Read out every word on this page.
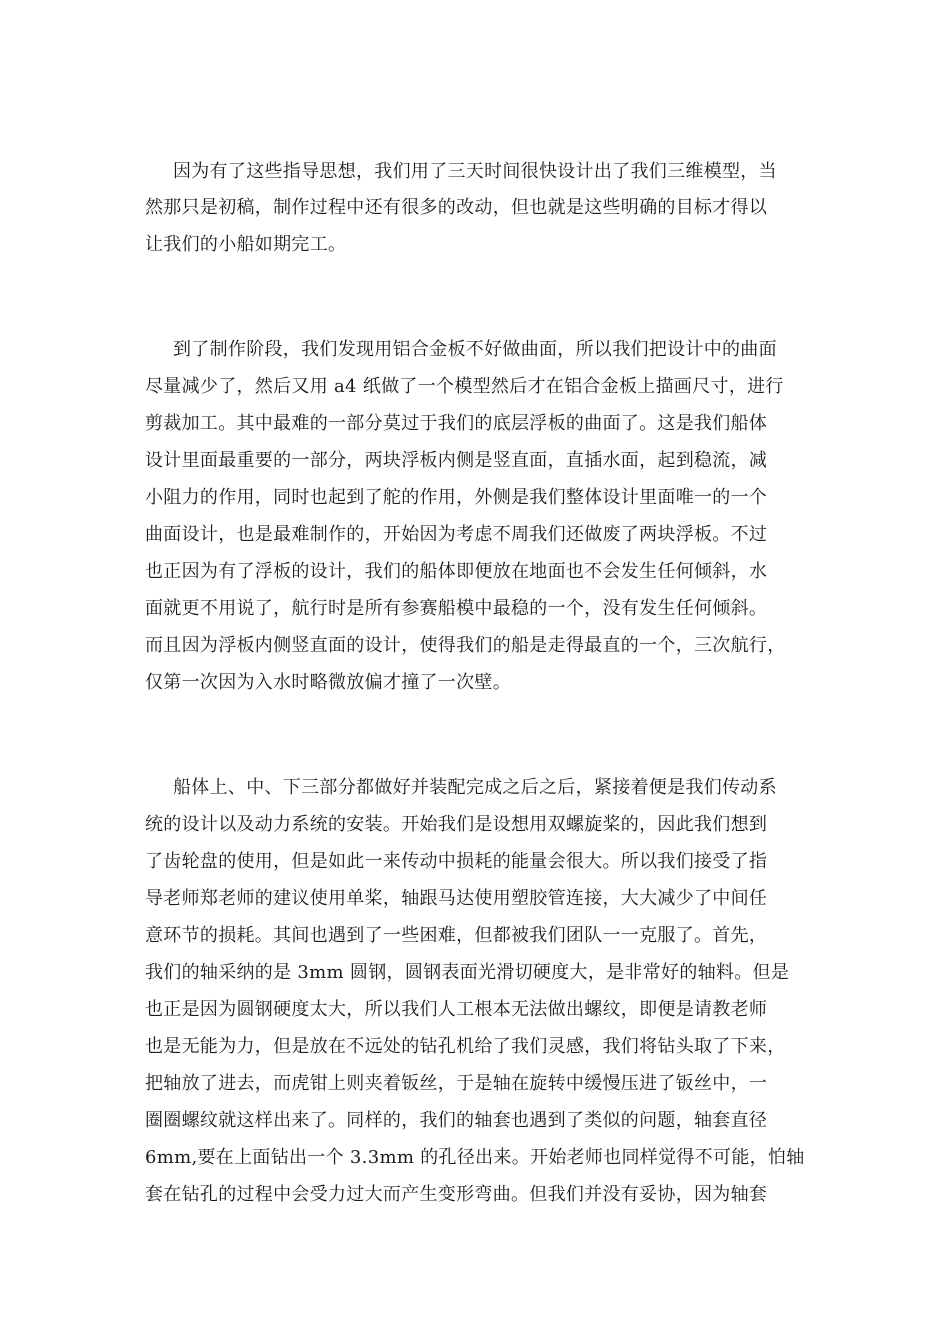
因为有了这些指导思想，我们用了三天时间很快设计出了我们三维模型，当
然那只是初稿，制作过程中还有很多的改动，但也就是这些明确的目标才得以
让我们的小船如期完工。
到了制作阶段，我们发现用铝合金板不好做曲面，所以我们把设计中的曲面
尽量减少了，然后又用 a4 纸做了一个模型然后才在铝合金板上描画尺寸，进行
剪裁加工。其中最难的一部分莫过于我们的底层浮板的曲面了。这是我们船体
设计里面最重要的一部分，两块浮板内侧是竖直面，直插水面，起到稳流，减
小阻力的作用，同时也起到了舵的作用，外侧是我们整体设计里面唯一的一个
曲面设计，也是最难制作的，开始因为考虑不周我们还做废了两块浮板。不过
也正因为有了浮板的设计，我们的船体即便放在地面也不会发生任何倾斜，水
面就更不用说了，航行时是所有参赛船模中最稳的一个，没有发生任何倾斜。
而且因为浮板内侧竖直面的设计，使得我们的船是走得最直的一个，三次航行，
仅第一次因为入水时略微放偏才撞了一次壁。
船体上、中、下三部分都做好并装配完成之后之后，紧接着便是我们传动系
统的设计以及动力系统的安装。开始我们是设想用双螺旋桨的，因此我们想到
了齿轮盘的使用，但是如此一来传动中损耗的能量会很大。所以我们接受了指
导老师郑老师的建议使用单桨，轴跟马达使用塑胶管连接，大大减少了中间任
意环节的损耗。其间也遇到了一些困难，但都被我们团队一一克服了。首先，
我们的轴采纳的是 3mm 圆钢，圆钢表面光滑切硬度大，是非常好的轴料。但是
也正是因为圆钢硬度太大，所以我们人工根本无法做出螺纹，即便是请教老师
也是无能为力，但是放在不远处的钻孔机给了我们灵感，我们将钻头取了下来，
把轴放了进去，而虎钳上则夹着钣丝，于是轴在旋转中缓慢压进了钣丝中，一
圈圈螺纹就这样出来了。同样的，我们的轴套也遇到了类似的问题，轴套直径
6mm,要在上面钻出一个 3.3mm 的孔径出来。开始老师也同样觉得不可能，怕轴
套在钻孔的过程中会受力过大而产生变形弯曲。但我们并没有妥协，因为轴套
